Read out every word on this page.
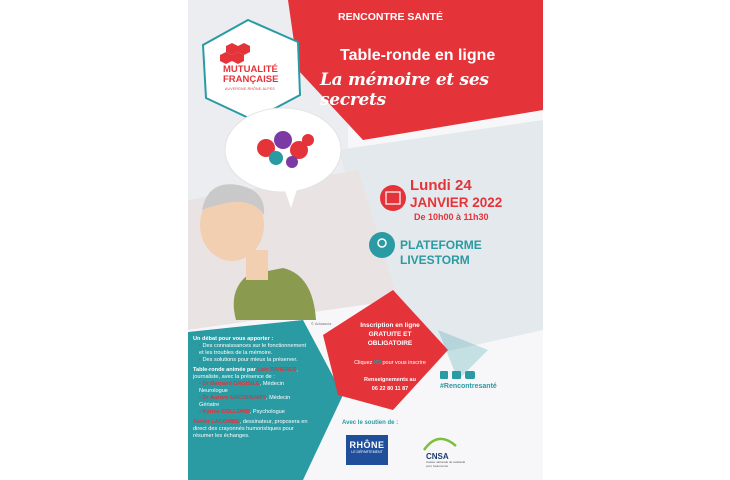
RENCONTRE SANTÉ
Table-ronde en ligne
La mémoire et ses secrets
MUTUALITÉ
FRANÇAISE
AUVERGNE-RHÔNE-ALPES
Lundi 24
JANVIER 2022
De 10h00 à 11h30
PLATEFORME
LIVESTORM
© Adoascia	Inscription en ligne
GRATUITE ET
OBLIGATOIRE
Cliquez ICI pour vous inscrire
Renseignements au
06 22 80 11 87
Un débat pour vous apporter :
• Des connaissances sur le fonctionnement et les troubles de la mémoire.
• Des solutions pour mieux la préserver.
Table-ronde animée par Loïc RIVIERES, journaliste, avec la présence de :
• Dr Bernard CROISILE, Médecin Neurologue
• Dr Aurore GROSHENNY, Médecin Gériatre
• Karine COLLOMB, Psychologue
Xavier LACOMBE, dessinateur, proposera en direct des crayonnés humoristiques pour résumer les échanges.
#Rencontresanté
Avec le soutien de :
RHÔNE
LE DÉPARTEMENT	CNSA
Caisse nationale de solidarité pour l'autonomie
